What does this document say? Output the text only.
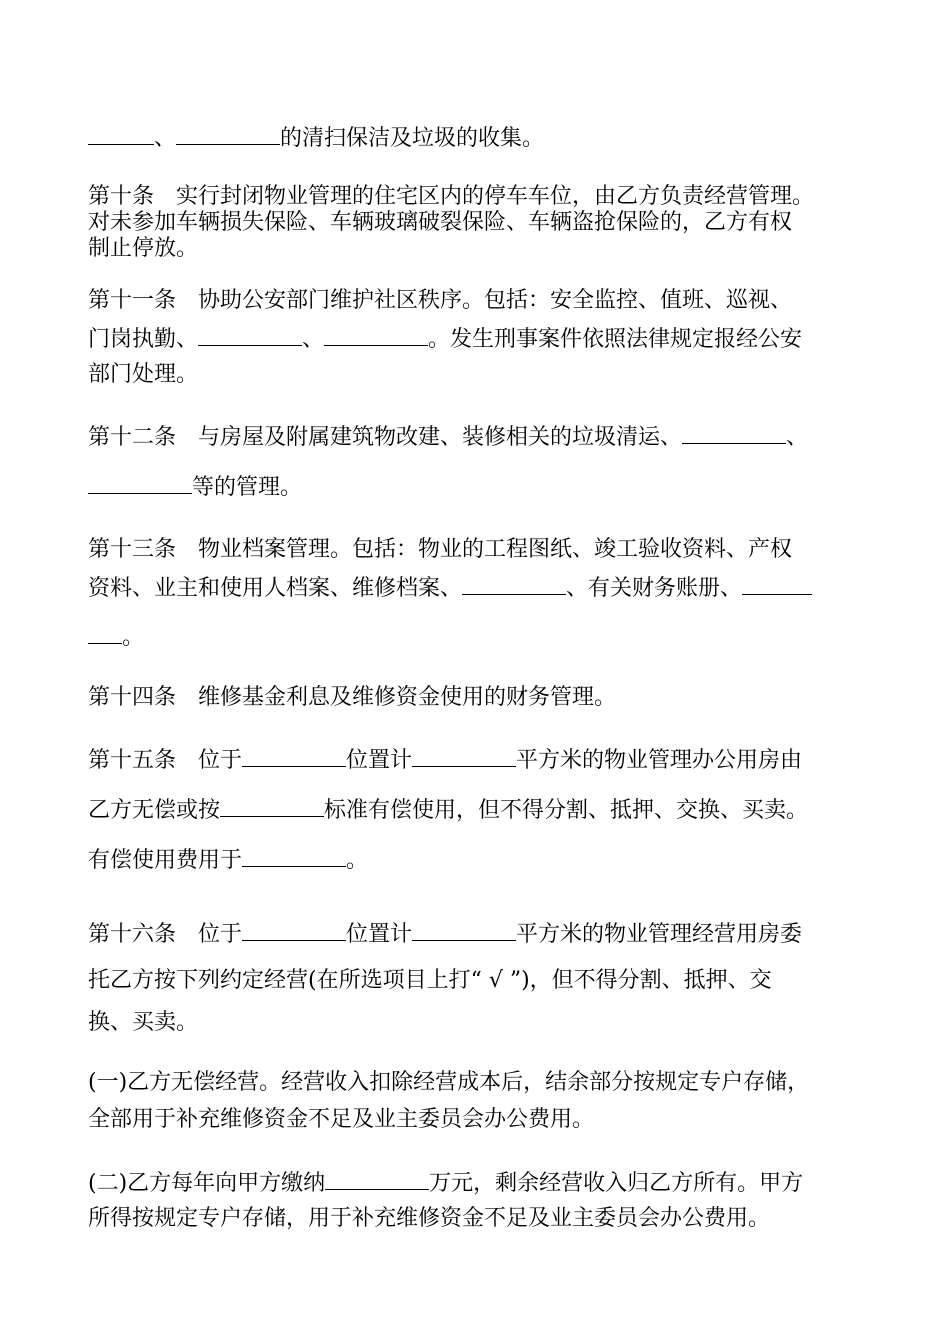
、	的清扫保洁及垃圾的收集。
第十条 实行封闭物业管理的住宅区内的停车车位，由乙方负责经营管理。
对未参加车辆损失保险、车辆玻璃破裂保险、车辆盗抢保险的，乙方有权
制止停放。
第十一条 协助公安部门维护社区秩序。包括：安全监控、值班、巡视、
门岗执勤、	、	。发生刑事案件依照法律规定报经公安
部门处理。
第十二条 与房屋及附属建筑物改建、装修相关的垃圾清运、	、
等的管理。
第十三条 物业档案管理。包括：物业的工程图纸、竣工验收资料、产权
资料、业主和使用人档案、维修档案、	、有关财务账册、
。
第十四条 维修基金利息及维修资金使用的财务管理。
第十五条 位于	位置计	平方米的物业管理办公用房由
乙方无偿或按	标准有偿使用，但不得分割、抵押、交换、买卖。
有偿使用费用于	。
第十六条 位于	位置计	平方米的物业管理经营用房委
托乙方按下列约定经营(在所选项目上打“ √ ”)，但不得分割、抵押、交
换、买卖。
(一)乙方无偿经营。经营收入扣除经营成本后，结余部分按规定专户存储，
全部用于补充维修资金不足及业主委员会办公费用。
(二)乙方每年向甲方缴纳	万元，剩余经营收入归乙方所有。甲方
所得按规定专户存储，用于补充维修资金不足及业主委员会办公费用。
